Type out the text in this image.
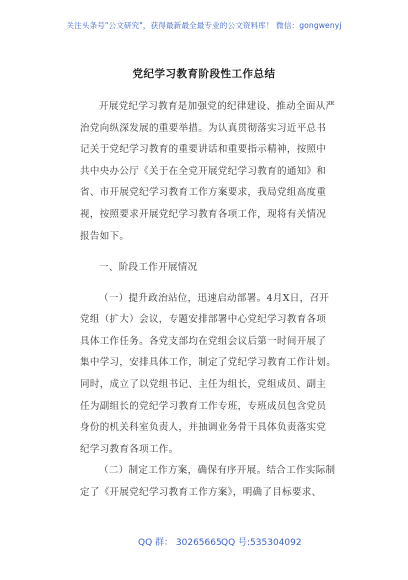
关注头条号"公文研究"，获得最新最全最专业的公文资料库！ 微信：gongwenyj
党纪学习教育阶段性工作总结
开展党纪学习教育是加强党的纪律建设、推动全面从严
治党向纵深发展的重要举措。为认真贯彻落实习近平总书
记关于党纪学习教育的重要讲话和重要指示精神，按照中
共中央办公厅《关于在全党开展党纪学习教育的通知》和
省、市开展党纪学习教育工作方案要求，我局党组高度重
视，按照要求开展党纪学习教育各项工作，现将有关情况
报告如下。
一、阶段工作开展情况
（一）提升政治站位，迅速启动部署。4月X日，召开
党组（扩大）会议，专题安排部署中心党纪学习教育各项
具体工作任务。各党支部均在党组会议后第一时间开展了
集中学习，安排具体工作，制定了党纪学习教育工作计划。
同时，成立了以党组书记、主任为组长，党组成员、副主
任为副组长的党纪学习教育工作专班，专班成员包含党员
身份的机关科室负责人，并抽调业务骨干具体负责落实党
纪学习教育各项工作。
（二）制定工作方案，确保有序开展。结合工作实际制
定了《开展党纪学习教育工作方案》，明确了目标要求、
QQ 群： 30265665 QQ 号:535304092
